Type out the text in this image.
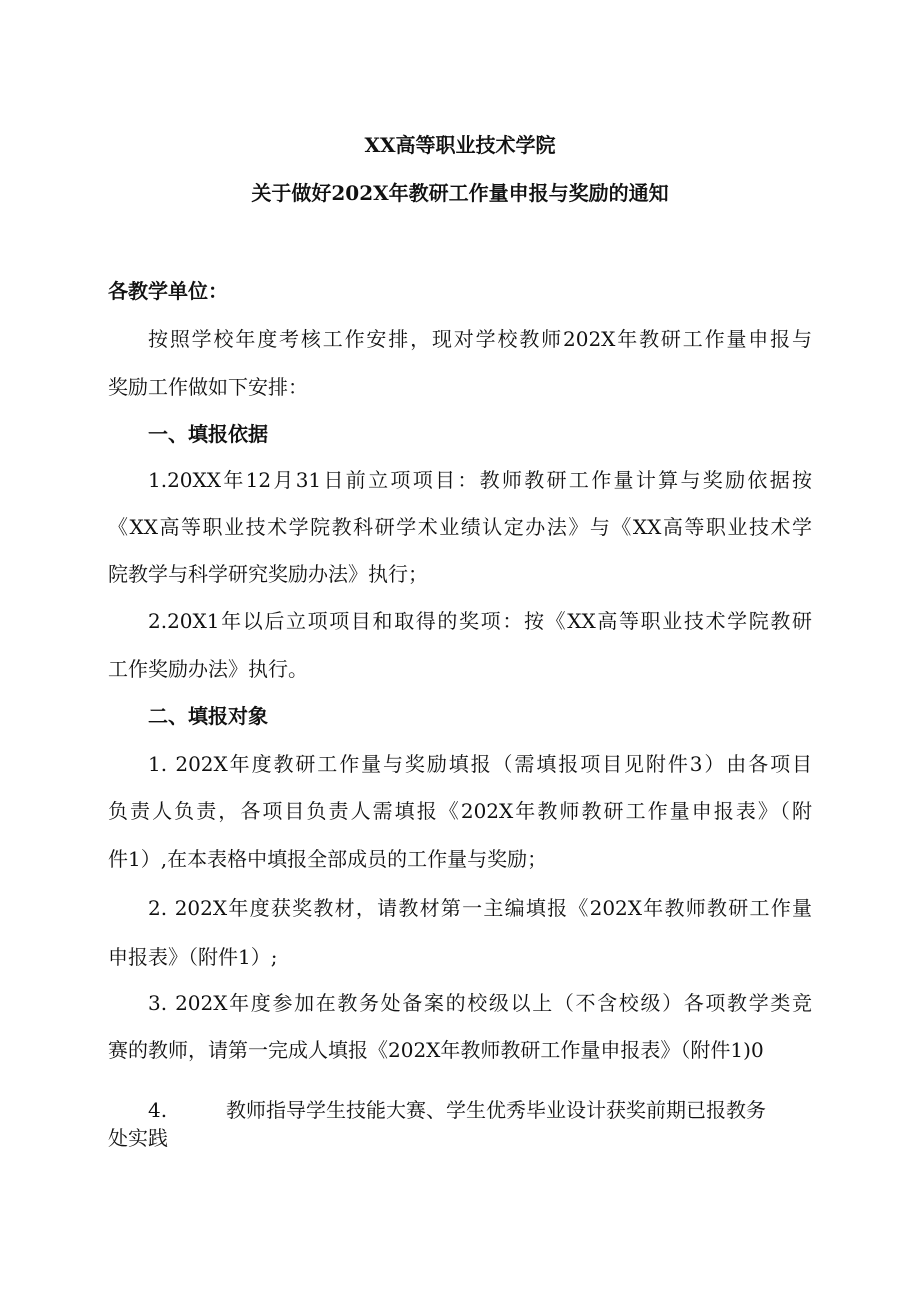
XX高等职业技术学院
关于做好202X年教研工作量申报与奖励的通知
各教学单位：
按照学校年度考核工作安排，现对学校教师202X年教研工作量申报与
奖励工作做如下安排：
一、填报依据
1.20XX年12月31日前立项项目：教师教研工作量计算与奖励依据按
《XX高等职业技术学院教科研学术业绩认定办法》与《XX高等职业技术学
院教学与科学研究奖励办法》执行；
2.20X1年以后立项项目和取得的奖项：按《XX高等职业技术学院教研
工作奖励办法》执行。
二、填报对象
1. 202X年度教研工作量与奖励填报（需填报项目见附件3）由各项目
负责人负责，各项目负责人需填报《202X年教师教研工作量申报表》（附
件1）,在本表格中填报全部成员的工作量与奖励；
2. 202X年度获奖教材，请教材第一主编填报《202X年教师教研工作量
申报表》（附件1）;
3. 202X年度参加在教务处备案的校级以上（不含校级）各项教学类竞
赛的教师，请第一完成人填报《202X年教师教研工作量申报表》（附件1)0
4.	教师指导学生技能大赛、学生优秀毕业设计获奖前期已报教务
处实践
